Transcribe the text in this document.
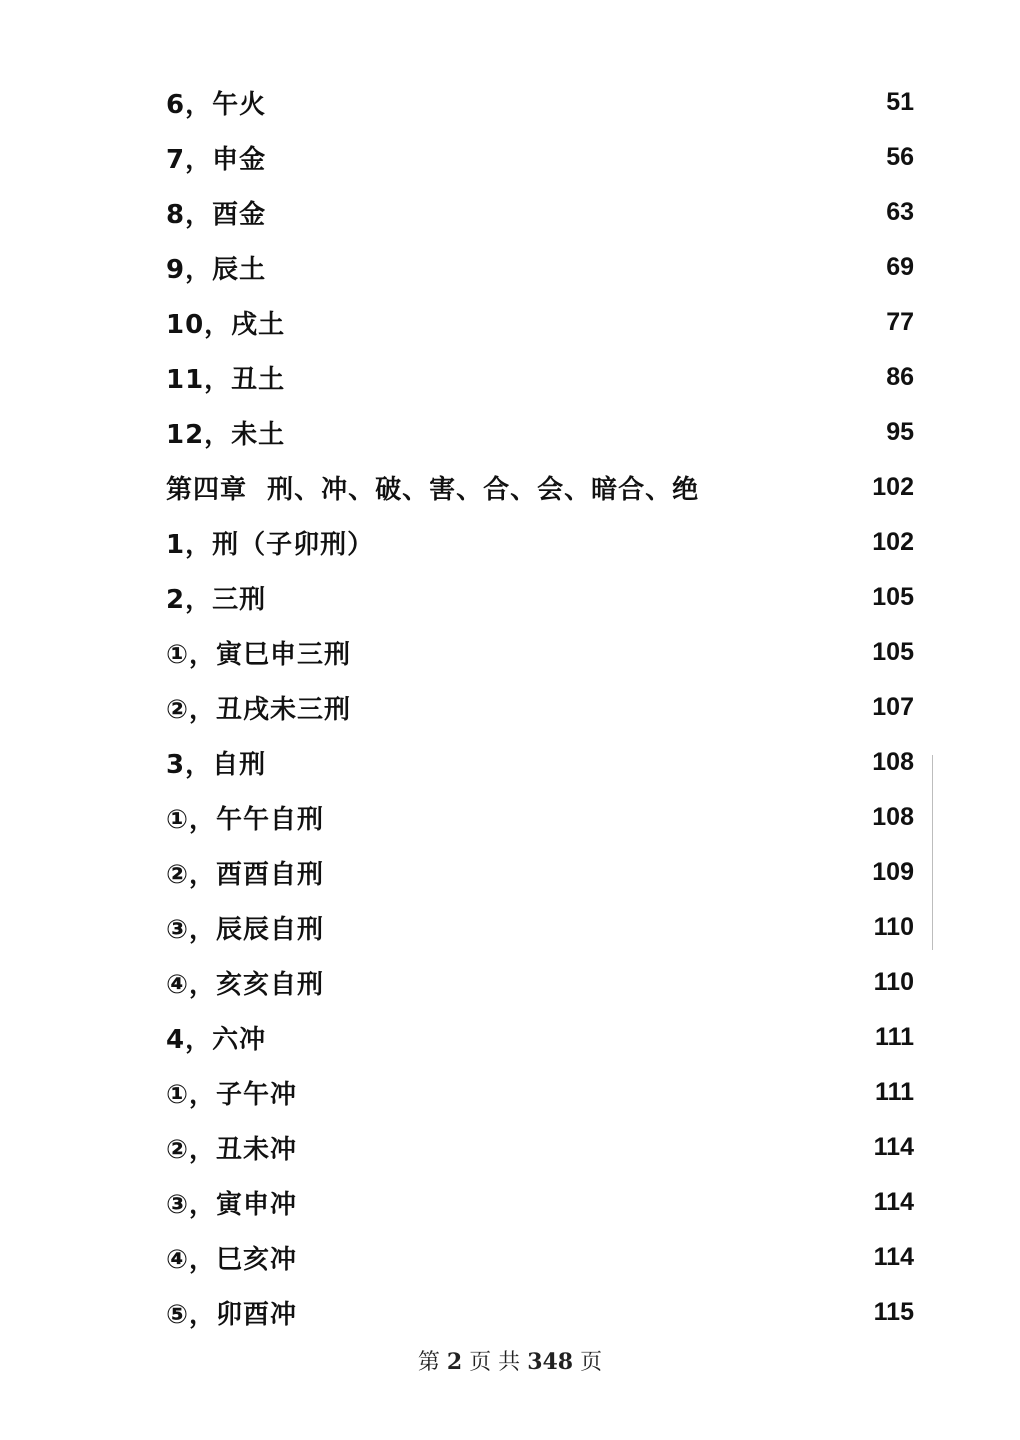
6，午火	51
7，申金	56
8，酉金	63
9，辰土	69
10，戌土	77
11，丑土	86
12，未土	95
第四章  刑、冲、破、害、合、会、暗合、绝	102
1，刑（子卯刑）	102
2，三刑	105
①，寅巳申三刑	105
②，丑戌未三刑	107
3，自刑	108
①，午午自刑	108
②，酉酉自刑	109
③，辰辰自刑	110
④，亥亥自刑	110
4，六冲	111
①，子午冲	111
②，丑未冲	114
③，寅申冲	114
④，巳亥冲	114
⑤，卯酉冲	115
第 2 页 共 348 页
